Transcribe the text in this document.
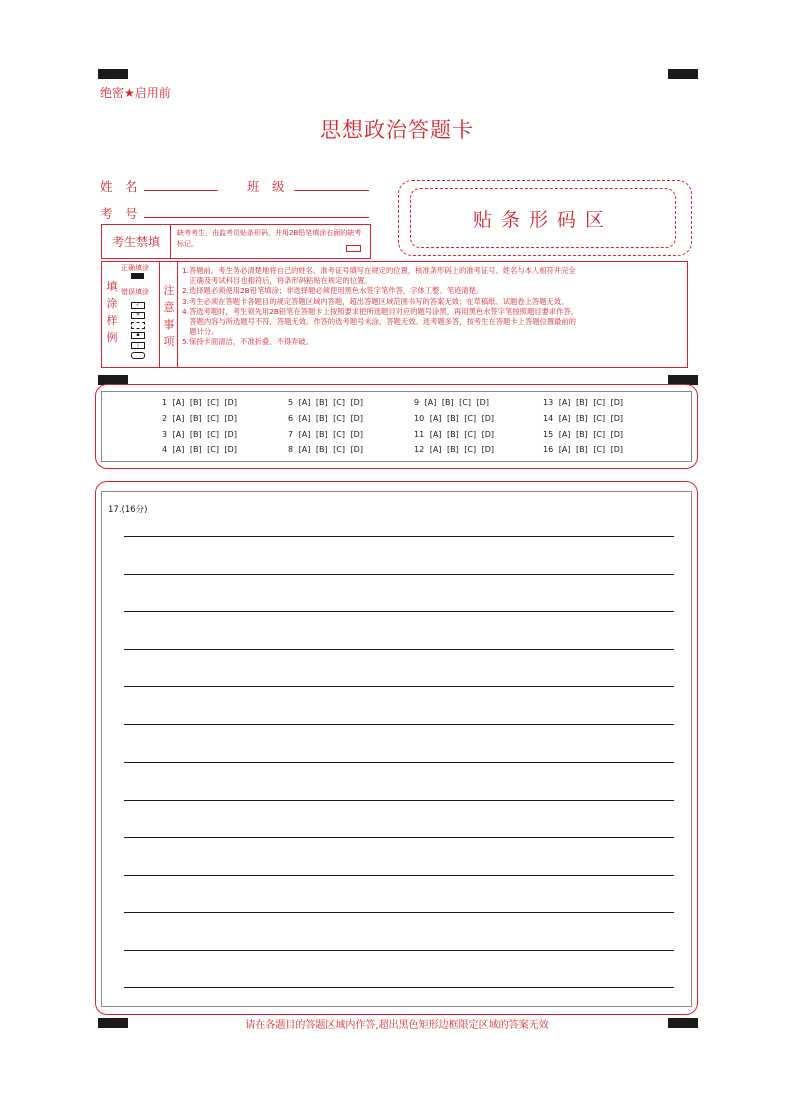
绝密★启用前
思想政治答题卡
姓　名	班　级
考　号	贴条形码区
考生禁填
缺考考生，由监考员贴条形码，并用2B铅笔填涂右面的缺考标记。
填
涂
样
例
正确填涂
错误填涂
✓
✕
▪
|
注
意
事
项
1.答题前，考生务必清楚地将自己的姓名、准考证号填写在规定的位置，核准条形码上的准考证号、姓名与本人相符并完全
　正确及考试科目也相符后，将条形码粘贴在规定的位置。
2.选择题必须使用2B铅笔填涂；非选择题必须使用黑色水签字笔作答，字体工整、笔迹清楚。
3.考生必须在答题卡各题目的规定答题区域内答题，超出答题区域范围书写的答案无效；在草稿纸、试题卷上答题无效。
4.答选考题时，考生须先用2B铅笔在答题卡上按照要求把所选题目对应的题号涂黑，再用黑色水签字笔按照题目要求作答。
　答题内容与所选题号不符，答题无效。作答的选考题号未涂，答题无效。选考题多答，按考生在答题卡上答题位置最前的
　题计分。
5.保持卡面清洁，不准折叠、不得弄破。
1 [A] [B] [C] [D]
2 [A] [B] [C] [D]
3 [A] [B] [C] [D]
4 [A] [B] [C] [D]
5 [A] [B] [C] [D]
6 [A] [B] [C] [D]
7 [A] [B] [C] [D]
8 [A] [B] [C] [D]
9 [A] [B] [C] [D]
10 [A] [B] [C] [D]
11 [A] [B] [C] [D]
12 [A] [B] [C] [D]
13 [A] [B] [C] [D]
14 [A] [B] [C] [D]
15 [A] [B] [C] [D]
16 [A] [B] [C] [D]
17.(16分)
请在各题目的答题区域内作答,超出黑色矩形边框限定区域的答案无效
